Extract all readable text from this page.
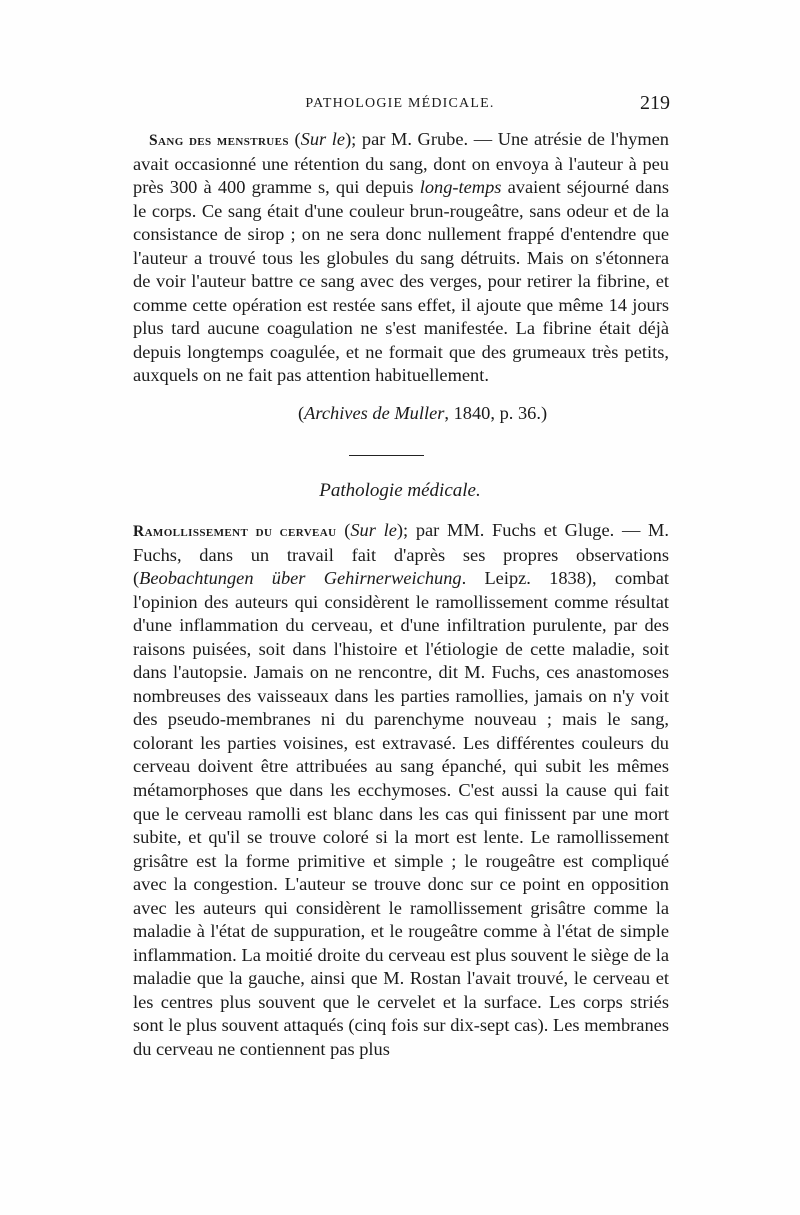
PATHOLOGIE MÉDICALE.	219
Sang des menstrues (Sur le); par M. Grube. — Une atrésie de l'hymen avait occasionné une rétention du sang, dont on envoya à l'auteur à peu près 300 à 400 gramme s, qui depuis long-temps avaient séjourné dans le corps. Ce sang était d'une couleur brun-rougeâtre, sans odeur et de la consistance de sirop ; on ne sera donc nullement frappé d'entendre que l'auteur a trouvé tous les globules du sang détruits. Mais on s'étonnera de voir l'auteur battre ce sang avec des verges, pour retirer la fibrine, et comme cette opération est restée sans effet, il ajoute que même 14 jours plus tard aucune coagulation ne s'est manifestée. La fibrine était déjà depuis longtemps coagulée, et ne formait que des grumeaux très petits, auxquels on ne fait pas attention habituellement.
(Archives de Muller, 1840, p. 36.)
Pathologie médicale.
Ramollissement du cerveau (Sur le); par MM. Fuchs et Gluge. — M. Fuchs, dans un travail fait d'après ses propres observations (Beobachtungen über Gehirnerweichung. Leipz. 1838), combat l'opinion des auteurs qui considèrent le ramollissement comme résultat d'une inflammation du cerveau, et d'une infiltration purulente, par des raisons puisées, soit dans l'histoire et l'étiologie de cette maladie, soit dans l'autopsie. Jamais on ne rencontre, dit M. Fuchs, ces anastomoses nombreuses des vaisseaux dans les parties ramollies, jamais on n'y voit des pseudo-membranes ni du parenchyme nouveau ; mais le sang, colorant les parties voisines, est extravasé. Les différentes couleurs du cerveau doivent être attribuées au sang épanché, qui subit les mêmes métamorphoses que dans les ecchymoses. C'est aussi la cause qui fait que le cerveau ramolli est blanc dans les cas qui finissent par une mort subite, et qu'il se trouve coloré si la mort est lente. Le ramollissement grisâtre est la forme primitive et simple ; le rougeâtre est compliqué avec la congestion. L'auteur se trouve donc sur ce point en opposition avec les auteurs qui considèrent le ramollissement grisâtre comme la maladie à l'état de suppuration, et le rougeâtre comme à l'état de simple inflammation. La moitié droite du cerveau est plus souvent le siège de la maladie que la gauche, ainsi que M. Rostan l'avait trouvé, le cerveau et les centres plus souvent que le cervelet et la surface. Les corps striés sont le plus souvent attaqués (cinq fois sur dix-sept cas). Les membranes du cerveau ne contiennent pas plus
